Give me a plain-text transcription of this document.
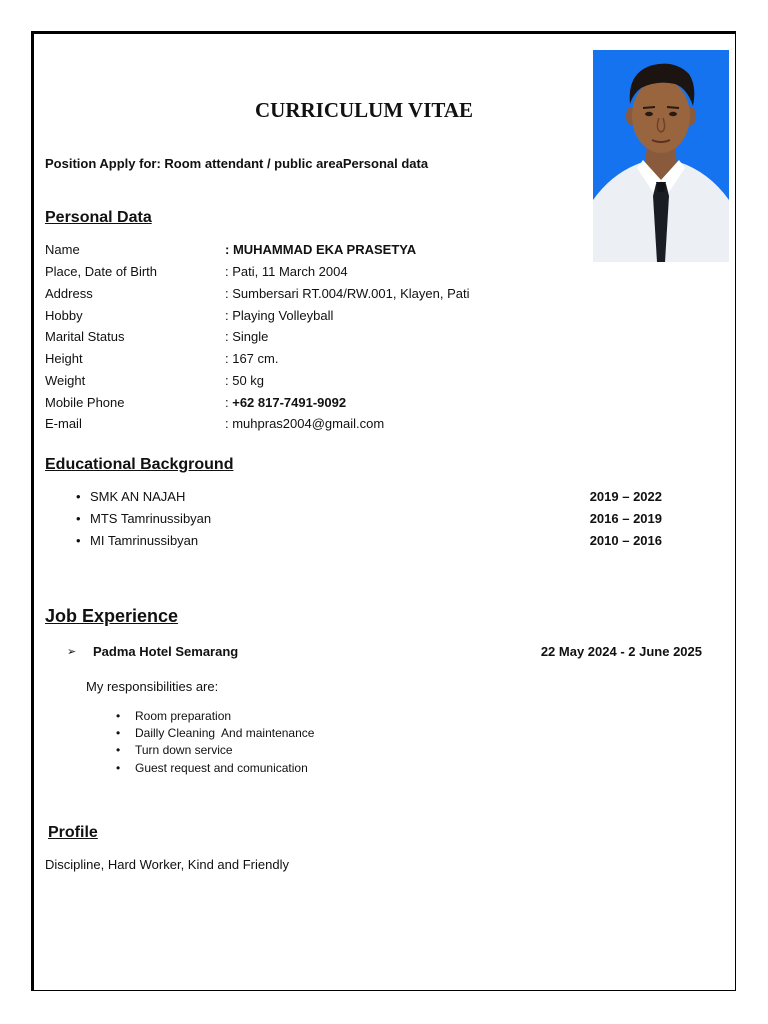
CURRICULUM VITAE
Position Apply for: Room attendant / public areaPersonal data
Personal Data
Name	: MUHAMMAD EKA PRASETYA
Place, Date of Birth	: Pati, 11 March 2004
Address	: Sumbersari RT.004/RW.001, Klayen, Pati
Hobby	: Playing Volleyball
Marital Status	: Single
Height	: 167 cm.
Weight	: 50 kg
Mobile Phone	: +62 817-7491-9092
E-mail	: muhpras2004@gmail.com
Educational Background
• SMK AN NAJAH	2019 – 2022
• MTS Tamrinussibyan	2016 – 2019
• MI Tamrinussibyan	2010 – 2016
Job Experience
➢ Padma Hotel Semarang	22 May 2024 - 2 June 2025
My responsibilities are:
• Room preparation
• Dailly Cleaning  And maintenance
• Turn down service
• Guest request and comunication
Profile
Discipline, Hard Worker, Kind and Friendly
